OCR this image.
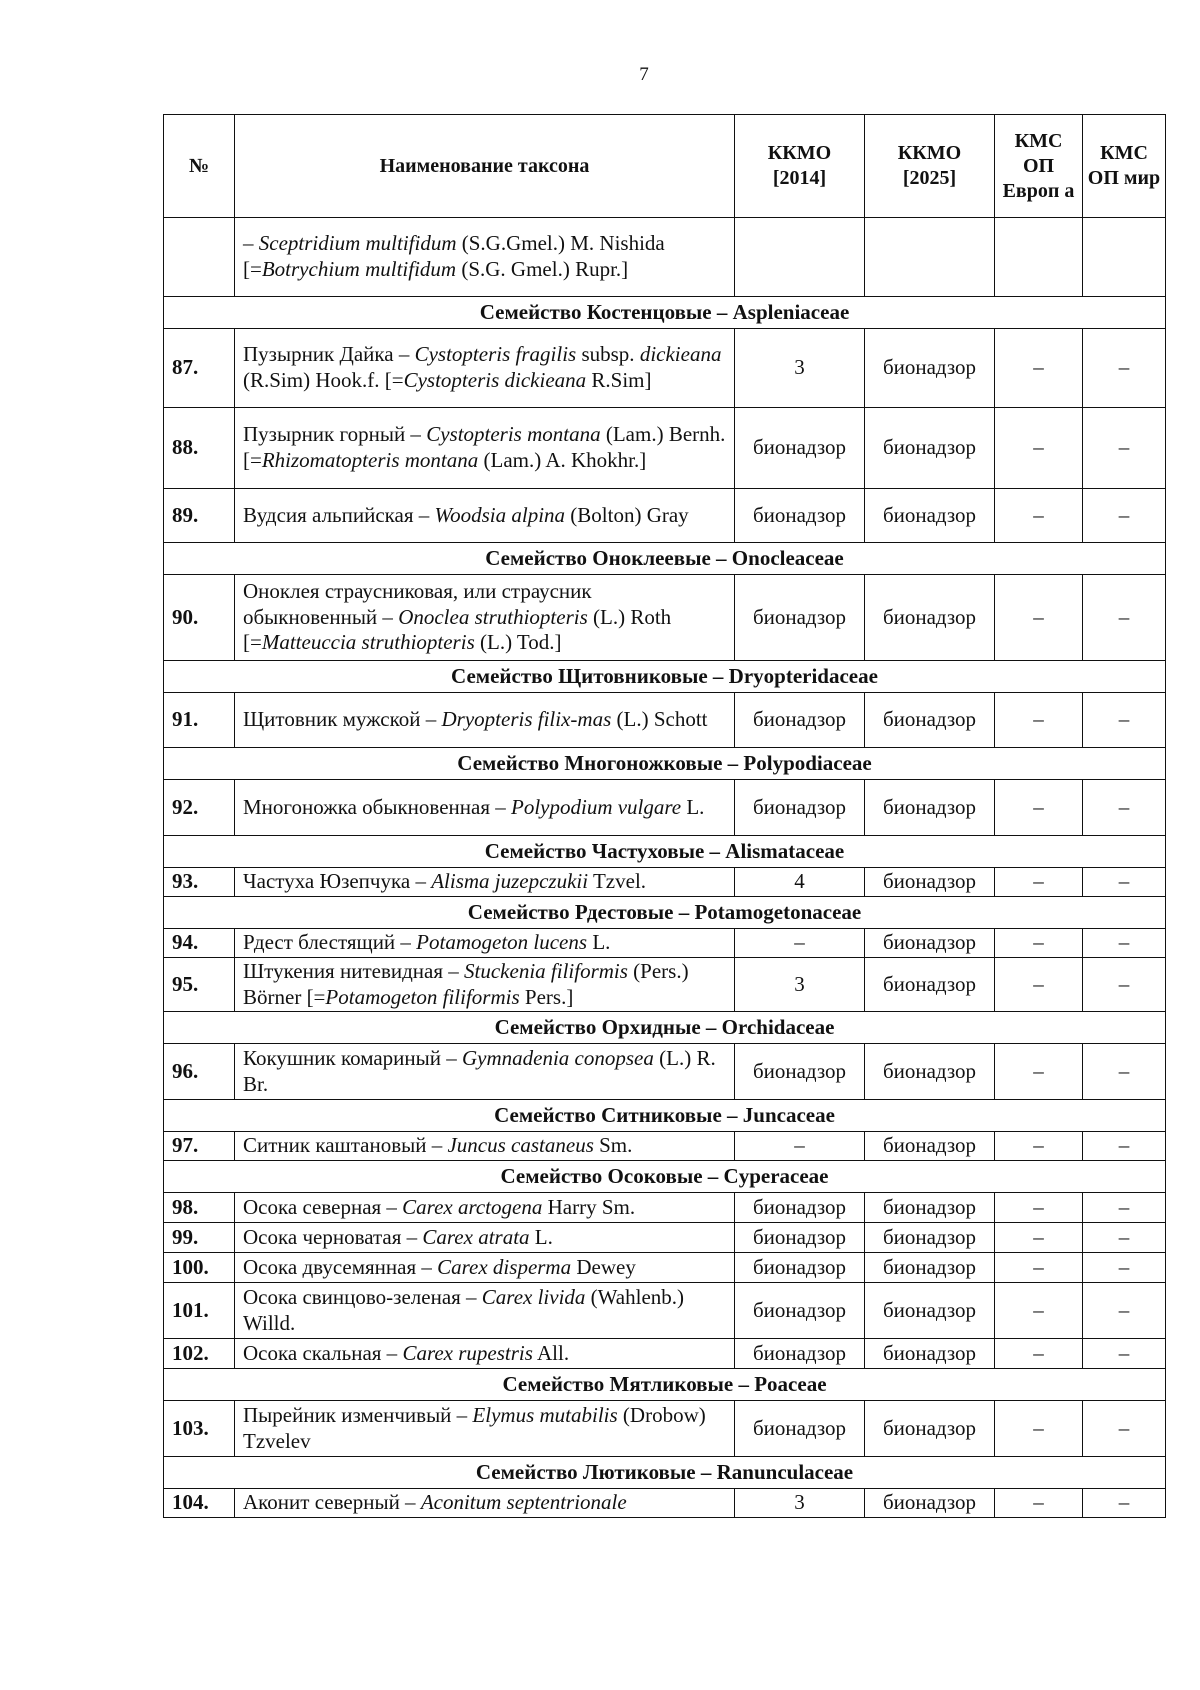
7
№	Наименование таксона	ККМО [2014]	ККМО [2025]	КМС ОП Европ а	КМС ОП мир
	– Sceptridium multifidum (S.G.Gmel.) M. Nishida [=Botrychium multifidum (S.G. Gmel.) Rupr.]				
Семейство Костенцовые – Aspleniaceae					
87.	Пузырник Дайка – Cystopteris fragilis subsp. dickieana (R.Sim) Hook.f. [=Cystopteris dickieana R.Sim]	3	бионадзор	–	–
88.	Пузырник горный – Cystopteris montana (Lam.) Bernh. [=Rhizomatopteris montana (Lam.) A. Khokhr.]	бионадзор	бионадзор	–	–
89.	Вудсия альпийская – Woodsia alpina (Bolton) Gray	бионадзор	бионадзор	–	–
Семейство Оноклеевые – Onocleaceae					
90.	Оноклея страусниковая, или страусник обыкновенный – Onoclea struthiopteris (L.) Roth [=Matteuccia struthiopteris (L.) Tod.]	бионадзор	бионадзор	–	–
Семейство Щитовниковые – Dryopteridaceae					
91.	Щитовник мужской – Dryopteris filix-mas (L.) Schott	бионадзор	бионадзор	–	–
Семейство Многоножковые – Polypodiaceae					
92.	Многоножка обыкновенная – Polypodium vulgare L.	бионадзор	бионадзор	–	–
Семейство Частуховые – Alismataceae					
93.	Частуха Юзепчука – Alisma juzepczukii Tzvel.	4	бионадзор	–	–
Семейство Рдестовые – Potamogetonaceae					
94.	Рдест блестящий – Potamogeton lucens L.	–	бионадзор	–	–
95.	Штукения нитевидная – Stuckenia filiformis (Pers.) Börner [=Potamogeton filiformis Pers.]	3	бионадзор	–	–
Семейство Орхидные – Orchidaceae					
96.	Кокушник комариный – Gymnadenia conopsea (L.) R. Br.	бионадзор	бионадзор	–	–
Семейство Ситниковые – Juncaceae					
97.	Ситник каштановый – Juncus castaneus Sm.	–	бионадзор	–	–
Семейство Осоковые – Cyperaceae					
98.	Осока северная – Carex arctogena Harry Sm.	бионадзор	бионадзор	–	–
99.	Осока черноватая – Carex atrata L.	бионадзор	бионадзор	–	–
100.	Осока двусемянная – Carex disperma Dewey	бионадзор	бионадзор	–	–
101.	Осока свинцово-зеленая – Carex livida (Wahlenb.) Willd.	бионадзор	бионадзор	–	–
102.	Осока скальная – Carex rupestris All.	бионадзор	бионадзор	–	–
Семейство Мятликовые – Poaceae					
103.	Пырейник изменчивый – Elymus mutabilis (Drobow) Tzvelev	бионадзор	бионадзор	–	–
Семейство Лютиковые – Ranunculaceae					
104.	Аконит северный – Aconitum septentrionale	3	бионадзор	–	–
